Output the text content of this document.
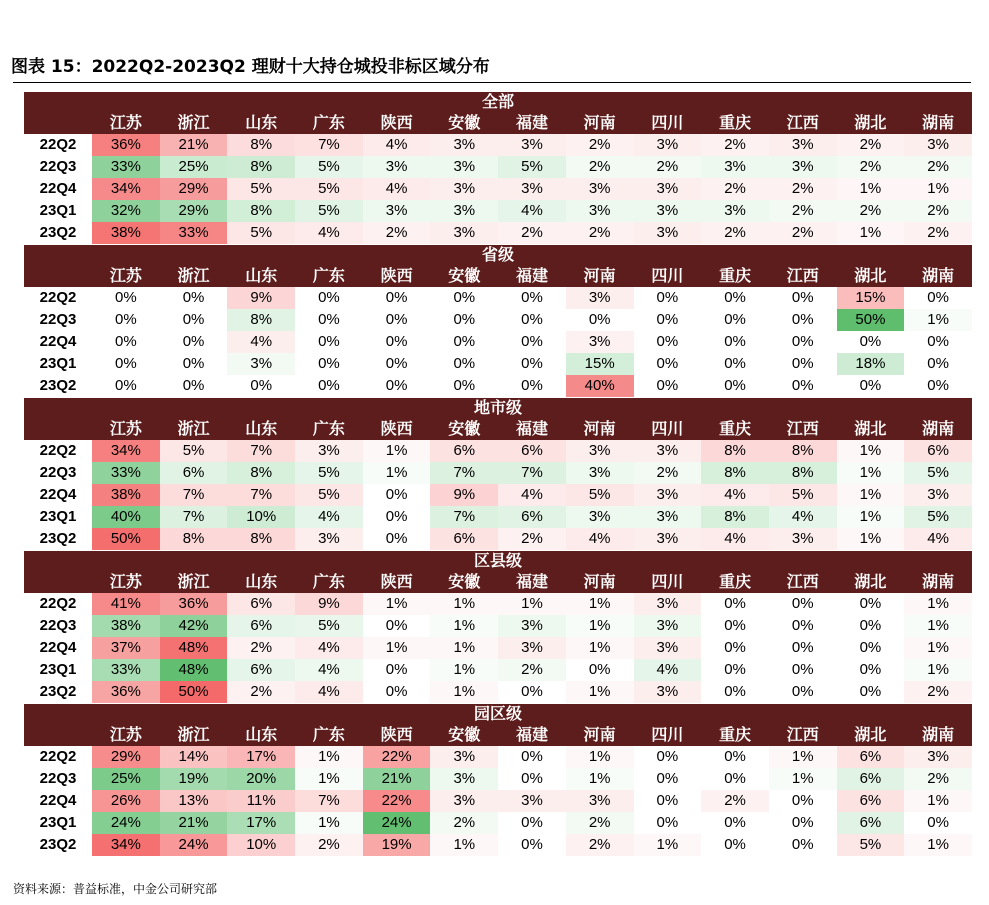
图表 15：2022Q2-2023Q2 理财十大持仓城投非标区域分布
全部													
	江苏	浙江	山东	广东	陕西	安徽	福建	河南	四川	重庆	江西	湖北	湖南
22Q2	36%	21%	8%	7%	4%	3%	3%	2%	3%	2%	3%	2%	3%
22Q3	33%	25%	8%	5%	3%	3%	5%	2%	2%	3%	3%	2%	2%
22Q4	34%	29%	5%	5%	4%	3%	3%	3%	3%	2%	2%	1%	1%
23Q1	32%	29%	8%	5%	3%	3%	4%	3%	3%	3%	2%	2%	2%
23Q2	38%	33%	5%	4%	2%	3%	2%	2%	3%	2%	2%	1%	2%
省级													
	江苏	浙江	山东	广东	陕西	安徽	福建	河南	四川	重庆	江西	湖北	湖南
22Q2	0%	0%	9%	0%	0%	0%	0%	3%	0%	0%	0%	15%	0%
22Q3	0%	0%	8%	0%	0%	0%	0%	0%	0%	0%	0%	50%	1%
22Q4	0%	0%	4%	0%	0%	0%	0%	3%	0%	0%	0%	0%	0%
23Q1	0%	0%	3%	0%	0%	0%	0%	15%	0%	0%	0%	18%	0%
23Q2	0%	0%	0%	0%	0%	0%	0%	40%	0%	0%	0%	0%	0%
地市级													
	江苏	浙江	山东	广东	陕西	安徽	福建	河南	四川	重庆	江西	湖北	湖南
22Q2	34%	5%	7%	3%	1%	6%	6%	3%	3%	8%	8%	1%	6%
22Q3	33%	6%	8%	5%	1%	7%	7%	3%	2%	8%	8%	1%	5%
22Q4	38%	7%	7%	5%	0%	9%	4%	5%	3%	4%	5%	1%	3%
23Q1	40%	7%	10%	4%	0%	7%	6%	3%	3%	8%	4%	1%	5%
23Q2	50%	8%	8%	3%	0%	6%	2%	4%	3%	4%	3%	1%	4%
区县级													
	江苏	浙江	山东	广东	陕西	安徽	福建	河南	四川	重庆	江西	湖北	湖南
22Q2	41%	36%	6%	9%	1%	1%	1%	1%	3%	0%	0%	0%	1%
22Q3	38%	42%	6%	5%	0%	1%	3%	1%	3%	0%	0%	0%	1%
22Q4	37%	48%	2%	4%	1%	1%	3%	1%	3%	0%	0%	0%	1%
23Q1	33%	48%	6%	4%	0%	1%	2%	0%	4%	0%	0%	0%	1%
23Q2	36%	50%	2%	4%	0%	1%	0%	1%	3%	0%	0%	0%	2%
园区级													
	江苏	浙江	山东	广东	陕西	安徽	福建	河南	四川	重庆	江西	湖北	湖南
22Q2	29%	14%	17%	1%	22%	3%	0%	1%	0%	0%	1%	6%	3%
22Q3	25%	19%	20%	1%	21%	3%	0%	1%	0%	0%	1%	6%	2%
22Q4	26%	13%	11%	7%	22%	3%	3%	3%	0%	2%	0%	6%	1%
23Q1	24%	21%	17%	1%	24%	2%	0%	2%	0%	0%	0%	6%	0%
23Q2	34%	24%	10%	2%	19%	1%	0%	2%	1%	0%	0%	5%	1%
资料来源：普益标准，中金公司研究部
